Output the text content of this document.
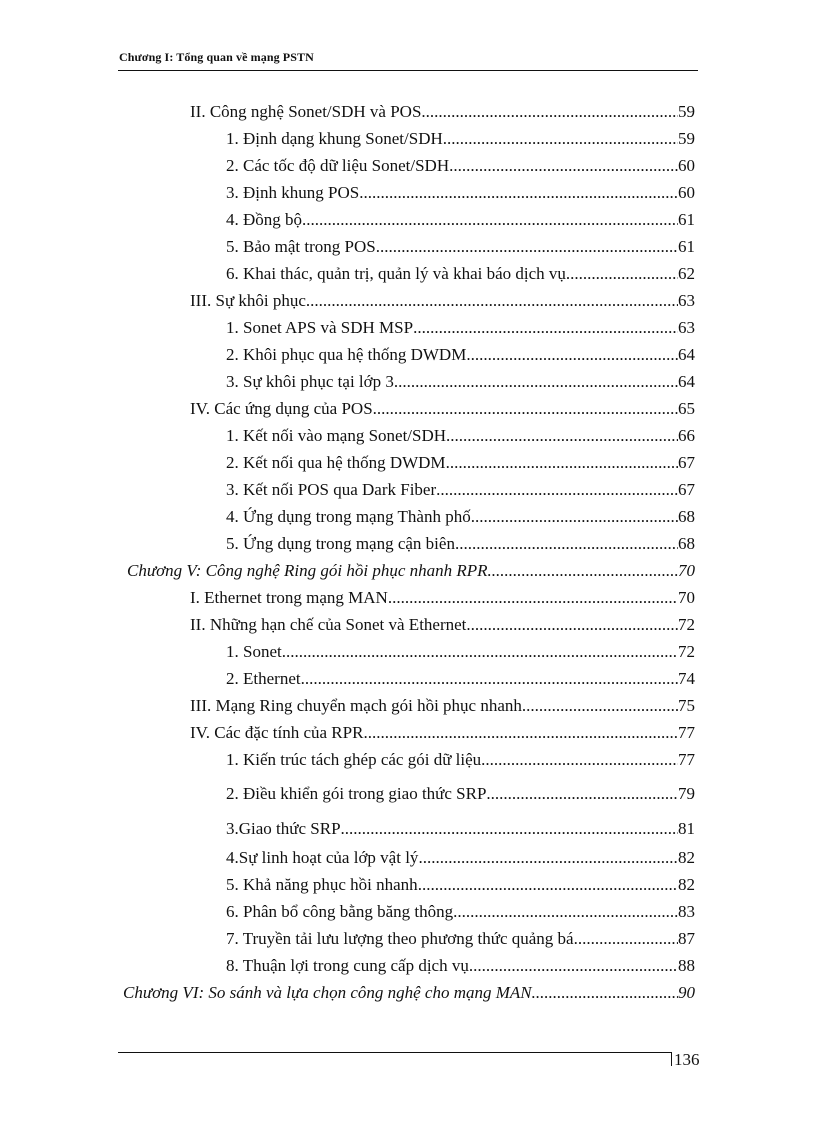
Chương I: Tổng quan về mạng PSTN
II. Công nghệ Sonet/SDH và POS .....	59
1. Định dạng khung Sonet/SDH .....	59
2. Các tốc độ dữ liệu Sonet/SDH .....	60
3. Định khung POS .....	60
4. Đồng bộ .....	61
5. Bảo mật trong POS .....	61
6. Khai thác, quản trị, quản lý và khai báo dịch vụ .....	62
III. Sự khôi phục .....	63
1. Sonet APS và SDH MSP .....	63
2. Khôi phục qua hệ thống DWDM .....	64
3. Sự khôi phục tại lớp 3 .....	64
IV. Các ứng dụng của POS .....	65
1. Kết nối vào mạng Sonet/SDH .....	66
2. Kết nối qua hệ thống DWDM .....	67
3. Kết nối POS qua Dark Fiber .....	67
4. Ứng dụng trong mạng Thành phố .....	68
5. Ứng dụng trong mạng cận biên .....	68
Chương V: Công nghệ Ring gói hồi phục nhanh RPR .....	70
I. Ethernet trong mạng MAN .....	70
II. Những hạn chế của Sonet và Ethernet .....	72
1. Sonet .....	72
2. Ethernet .....	74
III. Mạng Ring chuyển mạch gói hồi phục nhanh .....	75
IV. Các đặc tính của RPR .....	77
1. Kiến trúc tách ghép các gói dữ liệu .....	77
2. Điều khiển gói trong giao thức SRP .....	79
3.Giao thức SRP .....	81
4.Sự linh hoạt của lớp vật lý .....	82
5. Khả năng phục hồi nhanh .....	82
6. Phân bổ công bằng băng thông .....	83
7. Truyền tải lưu lượng theo phương thức quảng bá .....	87
8. Thuận lợi trong cung cấp dịch vụ .....	88
Chương VI: So sánh và lựa chọn công nghệ cho mạng MAN .....	90
136
